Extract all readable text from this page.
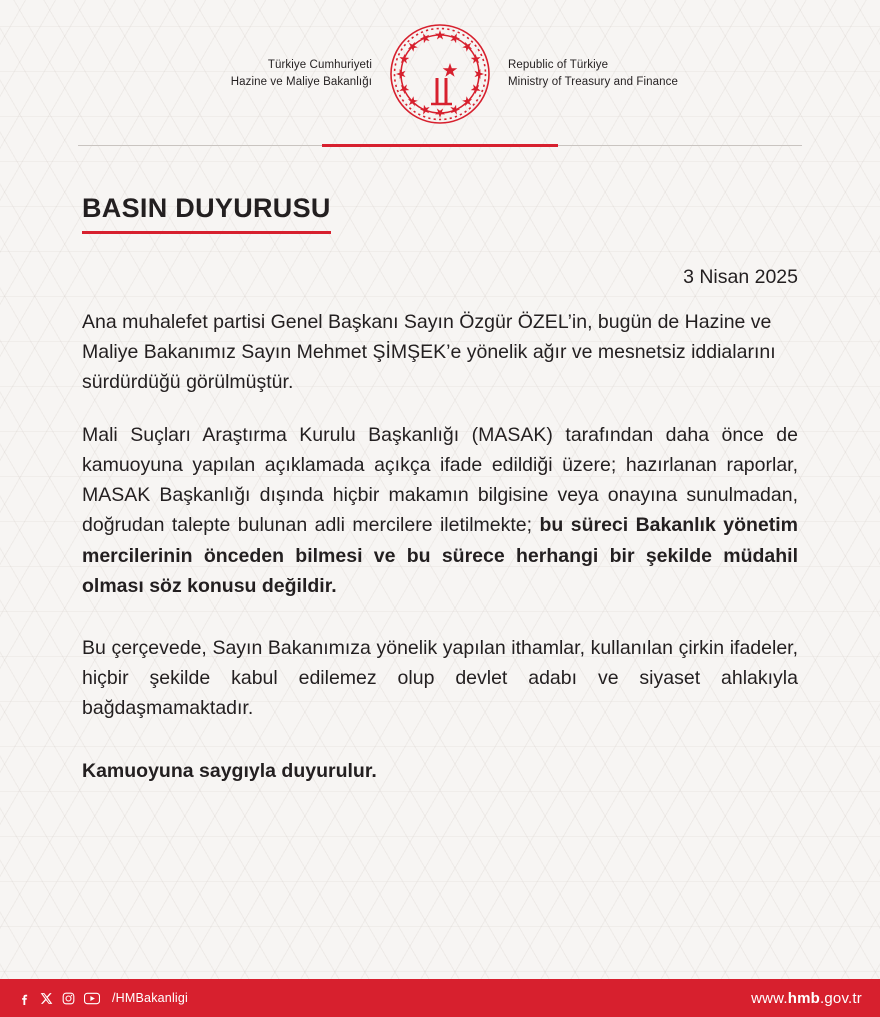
Türkiye Cumhuriyeti
Hazine ve Maliye Bakanlığı
Republic of Türkiye
Ministry of Treasury and Finance
BASIN DUYURUSU
3 Nisan 2025

Ana muhalefet partisi Genel Başkanı Sayın Özgür ÖZEL’in, bugün de Hazine ve Maliye Bakanımız Sayın Mehmet ŞİMŞEK’e yönelik ağır ve mesnetsiz iddialarını sürdürdüğü görülmüştür.

Mali Suçları Araştırma Kurulu Başkanlığı (MASAK) tarafından daha önce de kamuoyuna yapılan açıklamada açıkça ifade edildiği üzere; hazırlanan raporlar, MASAK Başkanlığı dışında hiçbir makamın bilgisine veya onayına sunulmadan, doğrudan talepte bulunan adli mercilere iletilmekte; bu süreci Bakanlık yönetim mercilerinin önceden bilmesi ve bu sürece herhangi bir şekilde müdahil olması söz konusu değildir.

Bu çerçevede, Sayın Bakanımıza yönelik yapılan ithamlar, kullanılan çirkin ifadeler, hiçbir şekilde kabul edilemez olup devlet adabı ve siyaset ahlakıyla bağdaşmamaktadır.

Kamuoyuna saygıyla duyurulur.

/HMBakanligi	www.hmb.gov.tr
